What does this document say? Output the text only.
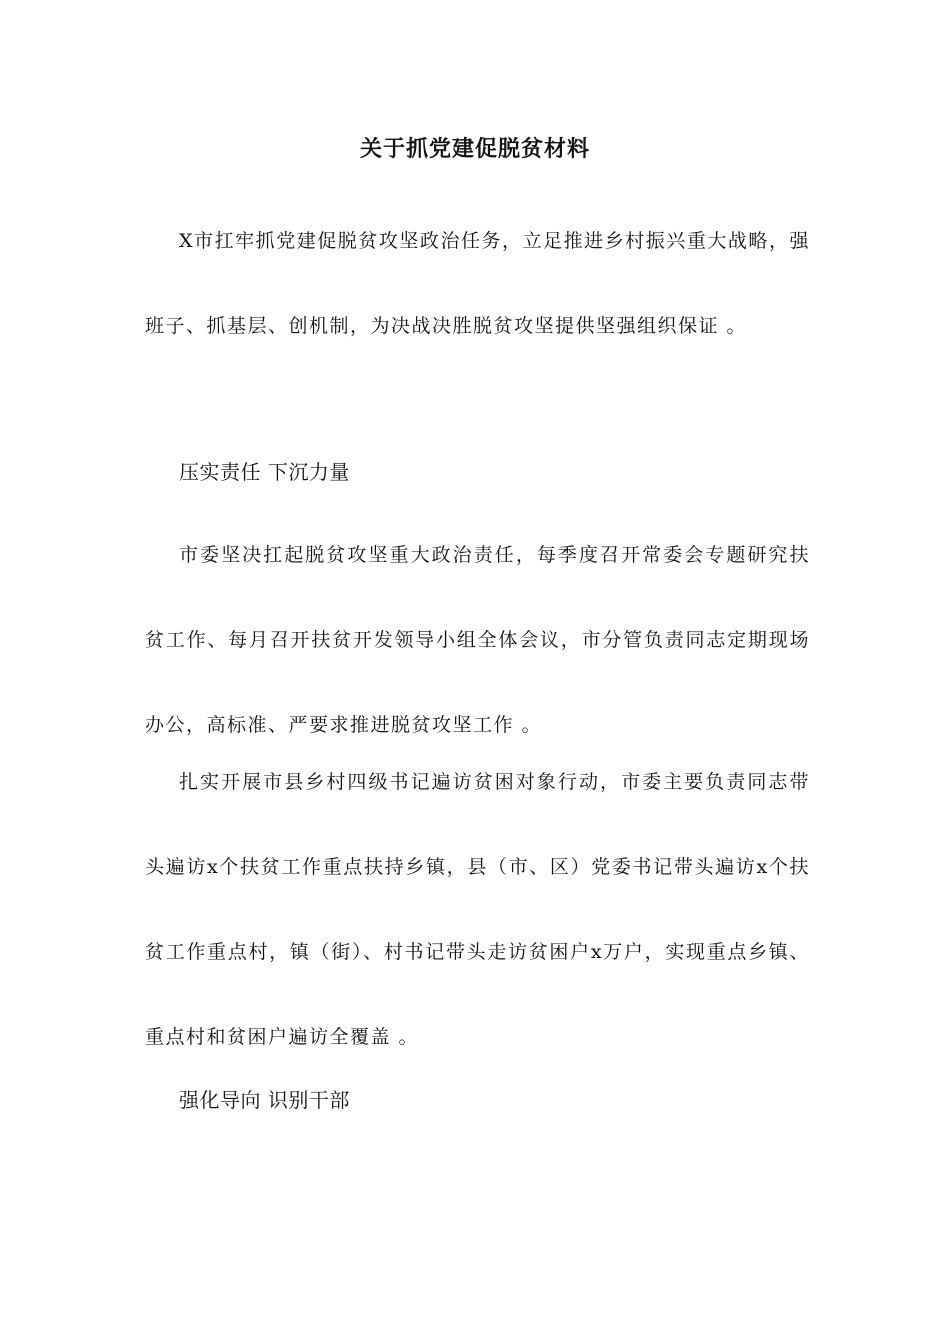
关于抓党建促脱贫材料

X市扛牢抓党建促脱贫攻坚政治任务，立足推进乡村振兴重大战略，强班子、抓基层、创机制，为决战决胜脱贫攻坚提供坚强组织保证 。

压实责任 下沉力量

市委坚决扛起脱贫攻坚重大政治责任，每季度召开常委会专题研究扶贫工作、每月召开扶贫开发领导小组全体会议，市分管负责同志定期现场办公，高标准、严要求推进脱贫攻坚工作 。

扎实开展市县乡村四级书记遍访贫困对象行动，市委主要负责同志带头遍访x个扶贫工作重点扶持乡镇，县（市、区）党委书记带头遍访x个扶贫工作重点村，镇（街）、村书记带头走访贫困户x万户，实现重点乡镇、重点村和贫困户遍访全覆盖 。

强化导向 识别干部
